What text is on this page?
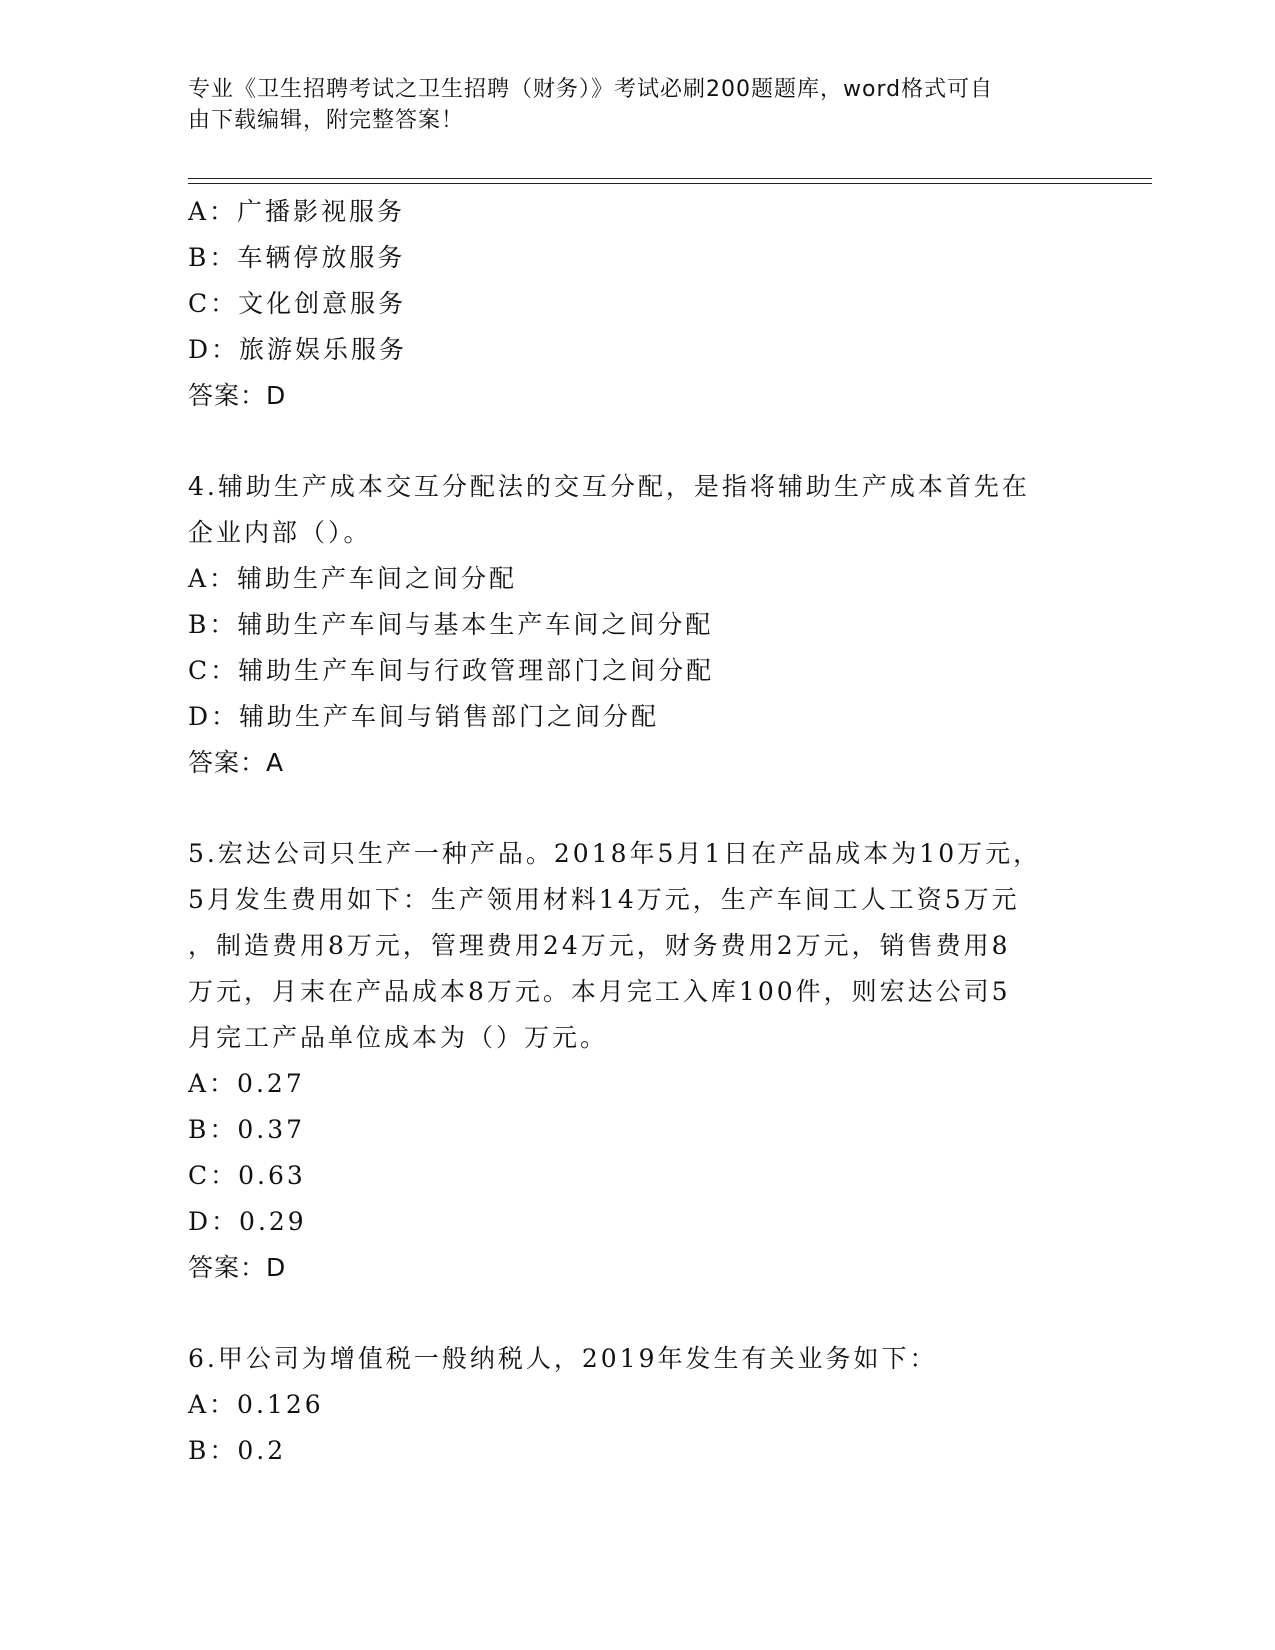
专业《卫生招聘考试之卫生招聘（财务）》考试必刷200题题库，word格式可自
由下载编辑，附完整答案！
A：广播影视服务
B：车辆停放服务
C：文化创意服务
D：旅游娱乐服务
答案：D
4.辅助生产成本交互分配法的交互分配，是指将辅助生产成本首先在
企业内部（）。
A：辅助生产车间之间分配
B：辅助生产车间与基本生产车间之间分配
C：辅助生产车间与行政管理部门之间分配
D：辅助生产车间与销售部门之间分配
答案：A
5.宏达公司只生产一种产品。2018年5月1日在产品成本为10万元，
5月发生费用如下：生产领用材料14万元，生产车间工人工资5万元
，制造费用8万元，管理费用24万元，财务费用2万元，销售费用8
万元，月末在产品成本8万元。本月完工入库100件，则宏达公司5
月完工产品单位成本为（）万元。
A：0.27
B：0.37
C：0.63
D：0.29
答案：D
6.甲公司为增值税一般纳税人，2019年发生有关业务如下：
A：0.126
B：0.2
